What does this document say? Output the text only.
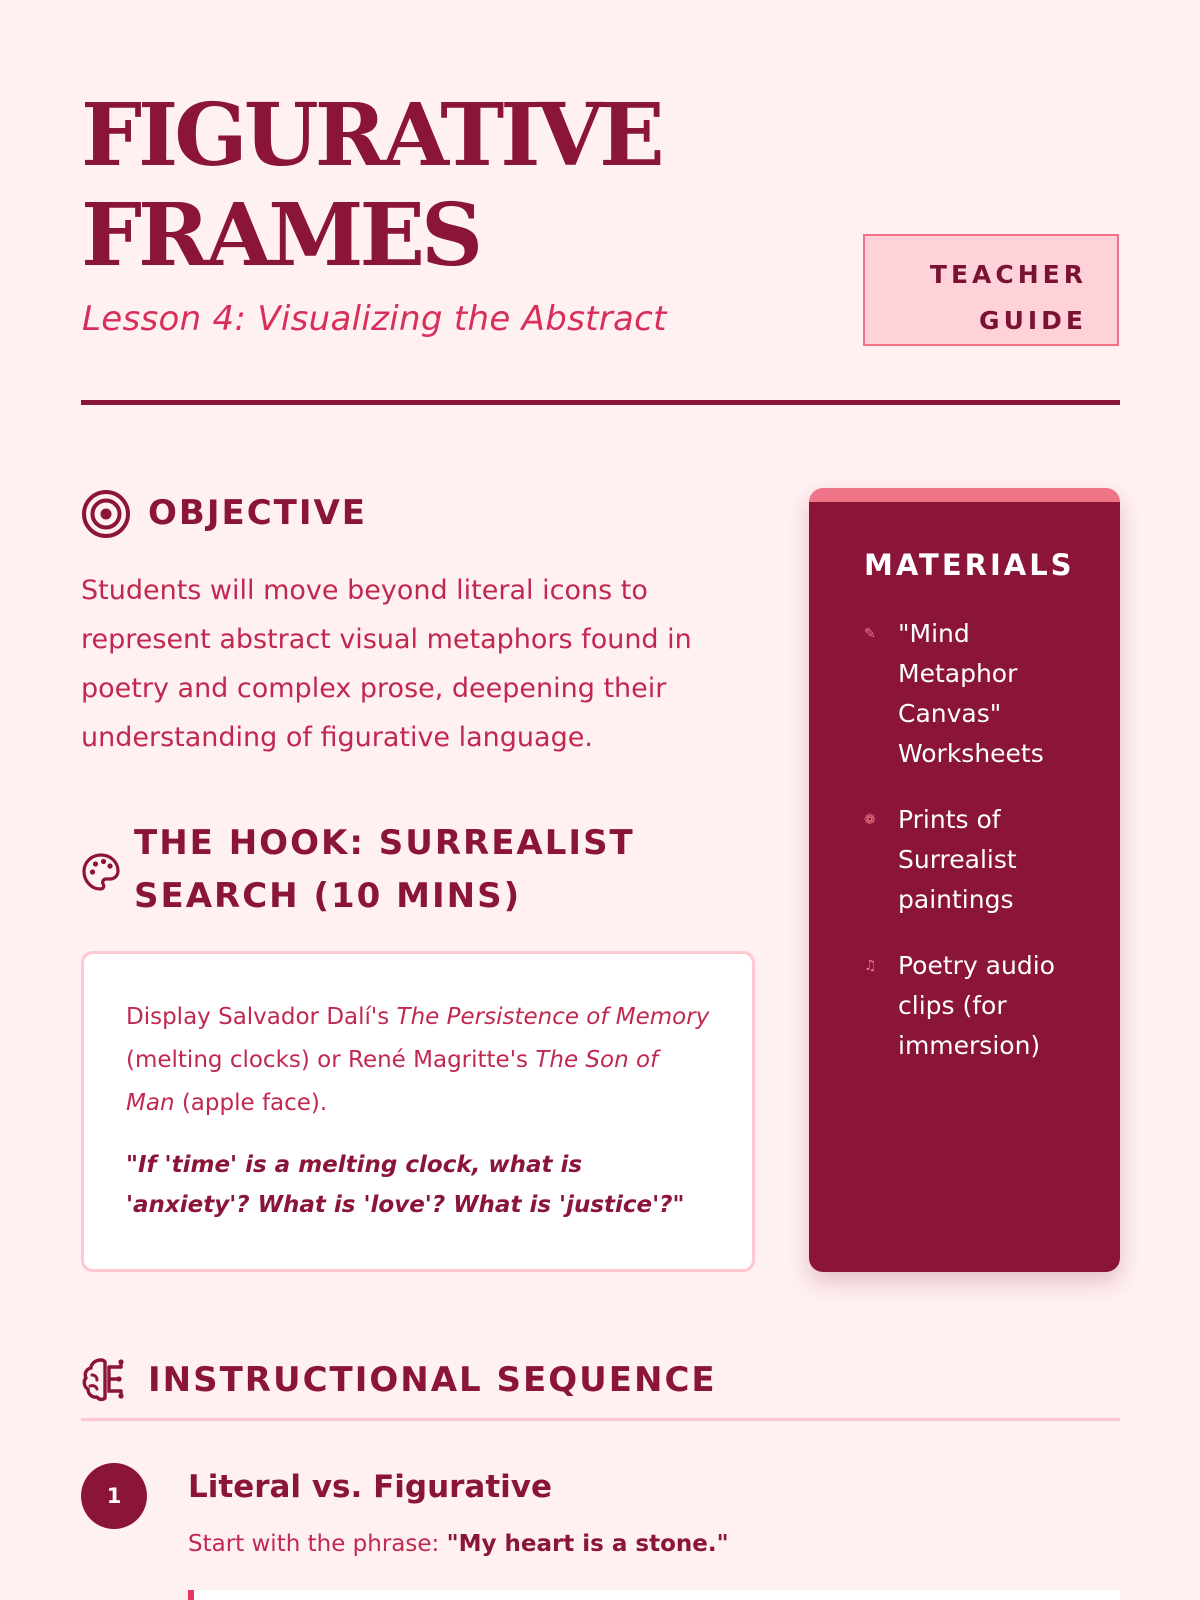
FIGURATIVE
FRAMES

Lesson 4: Visualizing the Abstract

TEACHER
GUIDE
OBJECTIVE

Students will move beyond literal icons to represent abstract visual metaphors found in poetry and complex prose, deepening their understanding of figurative language.

THE HOOK: SURREALIST
SEARCH (10 MINS)

Display Salvador Dalí's The Persistence of Memory (melting clocks) or René Magritte's The Son of Man (apple face).

"If 'time' is a melting clock, what is 'anxiety'? What is 'love'? What is 'justice'?"

MATERIALS
✎ "Mind Metaphor Canvas" Worksheets
❁ Prints of Surrealist paintings
♫ Poetry audio clips (for immersion)
INSTRUCTIONAL SEQUENCE
1	Literal vs. Figurative

Start with the phrase: "My heart is a stone."
